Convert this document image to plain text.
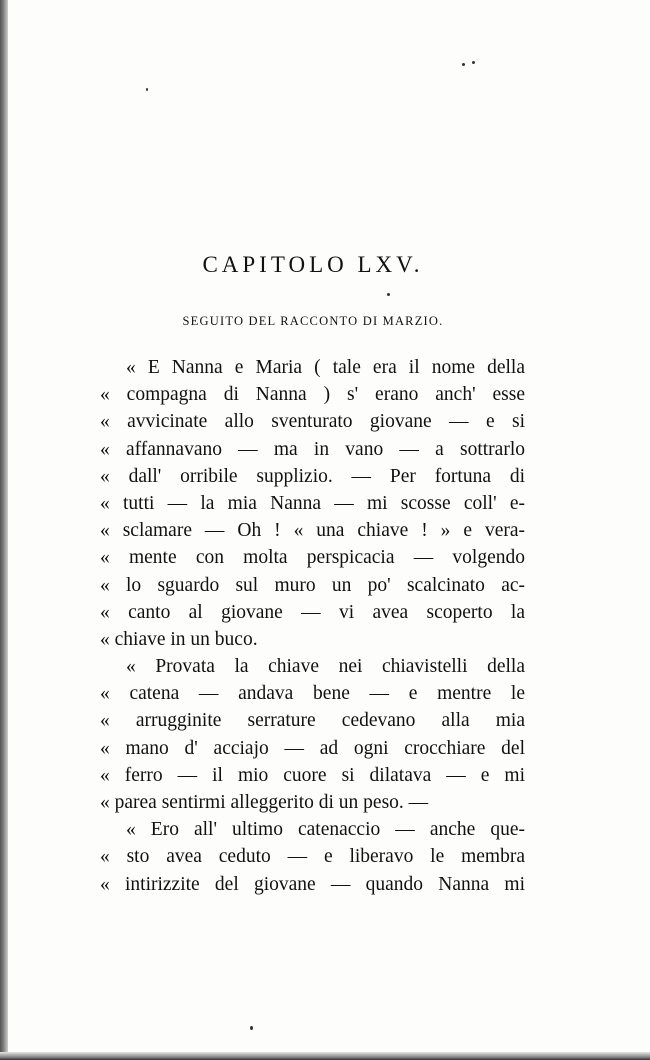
CAPITOLO LXV.
SEGUITO DEL RACCONTO DI MARZIO.
« E Nanna e Maria ( tale era il nome della
« compagna di Nanna ) s' erano anch' esse
« avvicinate allo sventurato giovane — e si
« affannavano — ma in vano — a sottrarlo
« dall' orribile supplizio. — Per fortuna di
« tutti — la mia Nanna — mi scosse coll' e-
« sclamare — Oh ! « una chiave ! » e vera-
« mente con molta perspicacia — volgendo
« lo sguardo sul muro un po' scalcinato ac-
« canto al giovane — vi avea scoperto la
« chiave in un buco.
« Provata la chiave nei chiavistelli della
« catena — andava bene — e mentre le
« arrugginite serrature cedevano alla mia
« mano d' acciajo — ad ogni crocchiare del
« ferro — il mio cuore si dilatava — e mi
« parea sentirmi alleggerito di un peso. —
« Ero all' ultimo catenaccio — anche que-
« sto avea ceduto — e liberavo le membra
« intirizzite del giovane — quando Nanna mi
